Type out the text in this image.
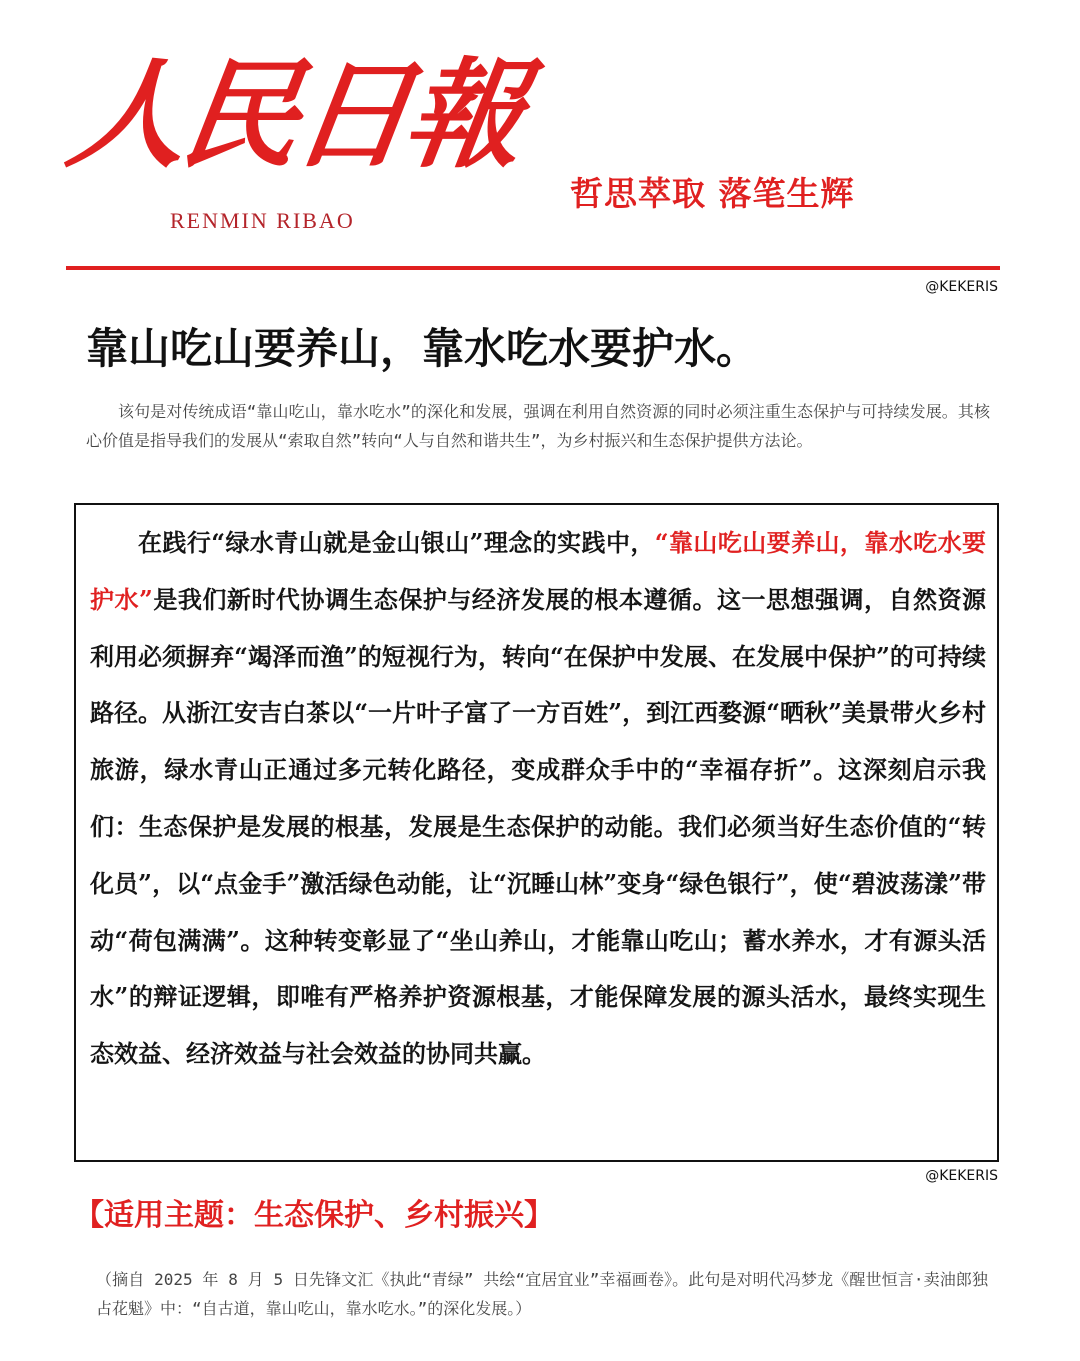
人民日報
RENMIN RIBAO
哲思萃取 落笔生辉
@KEKERIS
靠山吃山要养山，靠水吃水要护水。

该句是对传统成语“靠山吃山，靠水吃水”的深化和发展，强调在利用自然资源的同时必须注重生态保护与可持续发展。其核心价值是指导我们的发展从“索取自然”转向“人与自然和谐共生”，为乡村振兴和生态保护提供方法论。

在践行“绿水青山就是金山银山”理念的实践中，“靠山吃山要养山，靠水吃水要护水”是我们新时代协调生态保护与经济发展的根本遵循。这一思想强调，自然资源利用必须摒弃“竭泽而渔”的短视行为，转向“在保护中发展、在发展中保护”的可持续路径。从浙江安吉白茶以“一片叶子富了一方百姓”，到江西婺源“晒秋”美景带火乡村旅游，绿水青山正通过多元转化路径，变成群众手中的“幸福存折”。这深刻启示我们：生态保护是发展的根基，发展是生态保护的动能。我们必须当好生态价值的“转化员”，以“点金手”激活绿色动能，让“沉睡山林”变身“绿色银行”，使“碧波荡漾”带动“荷包满满”。这种转变彰显了“坐山养山，才能靠山吃山；蓄水养水，才有源头活水”的辩证逻辑，即唯有严格养护资源根基，才能保障发展的源头活水，最终实现生态效益、经济效益与社会效益的协同共赢。

@KEKERIS
【适用主题：生态保护、乡村振兴】

（摘自 2025 年 8 月 5 日先锋文汇《执此“青绿” 共绘“宜居宜业”幸福画卷》。此句是对明代冯梦龙《醒世恒言·卖油郎独占花魁》中：“自古道，靠山吃山，靠水吃水。”的深化发展。）
